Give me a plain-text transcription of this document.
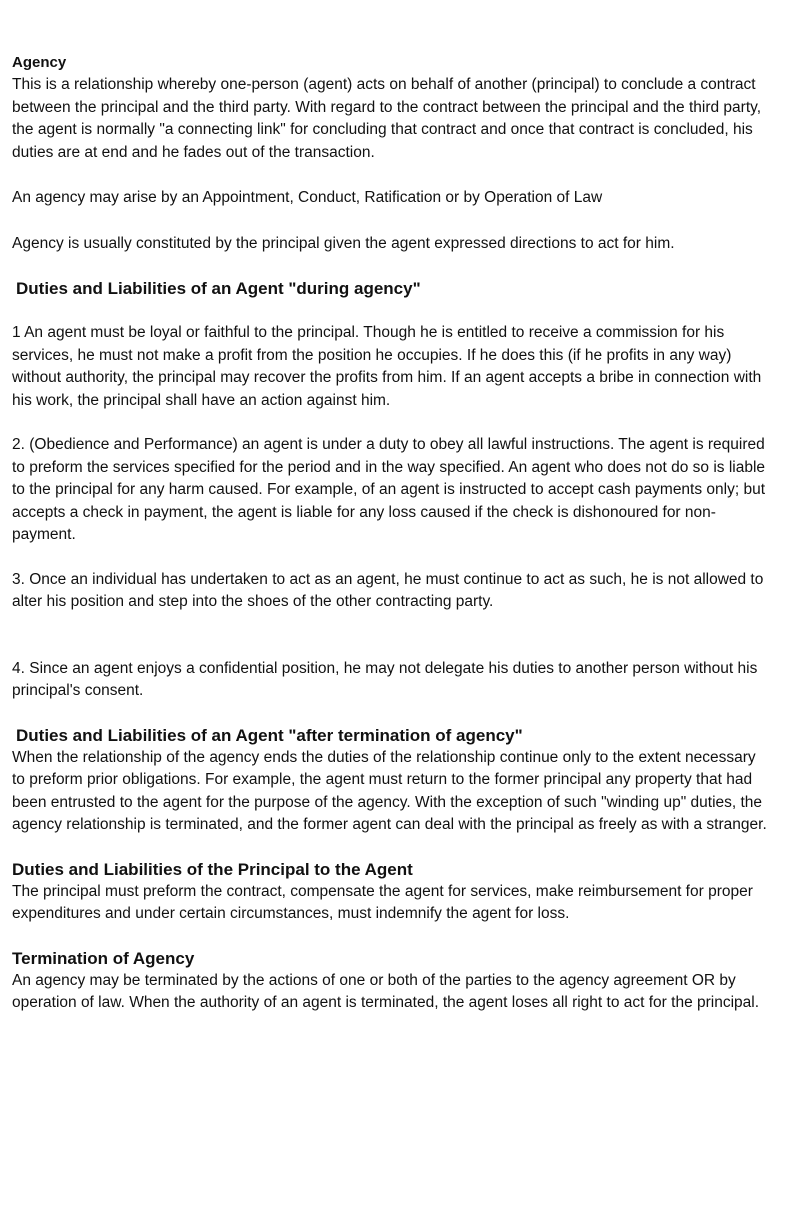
Agency

This is a relationship whereby one-person (agent) acts on behalf of another (principal) to conclude a contract between the principal and the third party. With regard to the contract between the principal and the third party, the agent is normally "a connecting link" for concluding that contract and once that contract is concluded, his duties are at end and he fades out of the transaction.

An agency may arise by an Appointment, Conduct, Ratification or by Operation of Law

Agency is usually constituted by the principal given the agent expressed directions to act for him.

Duties and Liabilities of an Agent "during agency"

1 An agent must be loyal or faithful to the principal. Though he is entitled to receive a commission for his services, he must not make a profit from the position he occupies. If he does this (if he profits in any way) without authority, the principal may recover the profits from him. If an agent accepts a bribe in connection with his work, the principal shall have an action against him.

2. (Obedience and Performance) an agent is under a duty to obey all lawful instructions. The agent is required to preform the services specified for the period and in the way specified. An agent who does not do so is liable to the principal for any harm caused. For example, of an agent is instructed to accept cash payments only; but accepts a check in payment, the agent is liable for any loss caused if the check is dishonoured for non-payment.

3. Once an individual has undertaken to act as an agent, he must continue to act as such, he is not allowed to alter his position and step into the shoes of the other contracting party.

4. Since an agent enjoys a confidential position, he may not delegate his duties to another person without his principal's consent.

Duties and Liabilities of an Agent "after termination of agency"

When the relationship of the agency ends the duties of the relationship continue only to the extent necessary to preform prior obligations. For example, the agent must return to the former principal any property that had been entrusted to the agent for the purpose of the agency. With the exception of such "winding up" duties, the agency relationship is terminated, and the former agent can deal with the principal as freely as with a stranger.

Duties and Liabilities of the Principal to the Agent

The principal must preform the contract, compensate the agent for services, make reimbursement for proper expenditures and under certain circumstances, must indemnify the agent for loss.

Termination of Agency

An agency may be terminated by the actions of one or both of the parties to the agency agreement OR by operation of law. When the authority of an agent is terminated, the agent loses all right to act for the principal.
